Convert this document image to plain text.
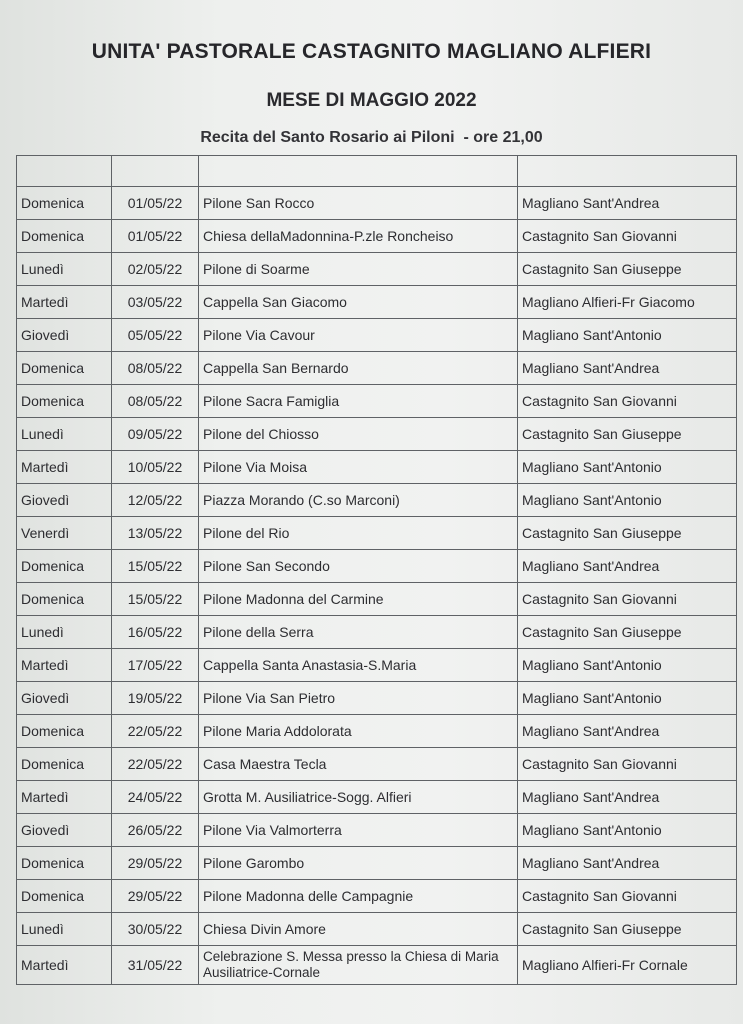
UNITA' PASTORALE CASTAGNITO MAGLIANO ALFIERI
MESE DI MAGGIO 2022
Recita del Santo Rosario ai Piloni  - ore 21,00

Domenica	01/05/22	Pilone San Rocco	Magliano Sant'Andrea
Domenica	01/05/22	Chiesa dellaMadonnina-P.zle Roncheiso	Castagnito San Giovanni
Lunedì	02/05/22	Pilone di Soarme	Castagnito San Giuseppe
Martedì	03/05/22	Cappella San Giacomo	Magliano Alfieri-Fr Giacomo
Giovedì	05/05/22	Pilone Via Cavour	Magliano Sant'Antonio
Domenica	08/05/22	Cappella San Bernardo	Magliano Sant'Andrea
Domenica	08/05/22	Pilone Sacra Famiglia	Castagnito San Giovanni
Lunedì	09/05/22	Pilone del Chiosso	Castagnito San Giuseppe
Martedì	10/05/22	Pilone Via Moisa	Magliano Sant'Antonio
Giovedì	12/05/22	Piazza Morando (C.so Marconi)	Magliano Sant'Antonio
Venerdì	13/05/22	Pilone del Rio	Castagnito San Giuseppe
Domenica	15/05/22	Pilone San Secondo	Magliano Sant'Andrea
Domenica	15/05/22	Pilone Madonna del Carmine	Castagnito San Giovanni
Lunedì	16/05/22	Pilone della Serra	Castagnito San Giuseppe
Martedì	17/05/22	Cappella Santa Anastasia-S.Maria	Magliano Sant'Antonio
Giovedì	19/05/22	Pilone Via San Pietro	Magliano Sant'Antonio
Domenica	22/05/22	Pilone Maria Addolorata	Magliano Sant'Andrea
Domenica	22/05/22	Casa Maestra Tecla	Castagnito San Giovanni
Martedì	24/05/22	Grotta M. Ausiliatrice-Sogg. Alfieri	Magliano Sant'Andrea
Giovedì	26/05/22	Pilone Via Valmorterra	Magliano Sant'Antonio
Domenica	29/05/22	Pilone Garombo	Magliano Sant'Andrea
Domenica	29/05/22	Pilone Madonna delle Campagnie	Castagnito San Giovanni
Lunedì	30/05/22	Chiesa Divin Amore	Castagnito San Giuseppe
Martedì	31/05/22	Celebrazione S. Messa presso la Chiesa di Maria Ausiliatrice-Cornale	Magliano Alfieri-Fr Cornale
